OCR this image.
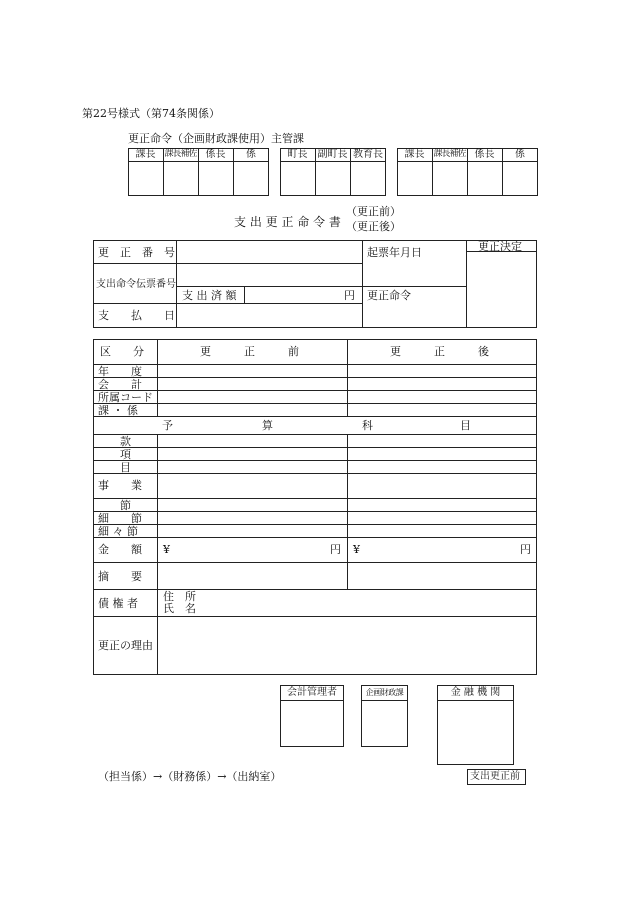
第22号様式（第74条関係）
更正命令（企画財政課使用）主管課
課長 課長補佐 係長	係	町長	副町長 教育長	課長 課長補佐 係長	係
支 出 更 正 命 令 書
（更正前）
（更正後）
更　正　番　号
支出命令伝票番号
支 出 済 額	円
支　　払　　日
起票年月日
更正命令
更正決定
区　　分	更　　　正　　　前	更　　　正　　　後
年　　度
会　　計
所属コード
課 ・ 係
予	算	科	目
款
項
目
事　　業
節
細　　節
細 々 節
金　　額 ¥	円 ¥	円
摘　　要
債 権 者
住　所
氏　名
更正の理由
会計管理者	企画財政課	金 融 機 関
（担当係）→（財務係）→（出納室）	支出更正前
